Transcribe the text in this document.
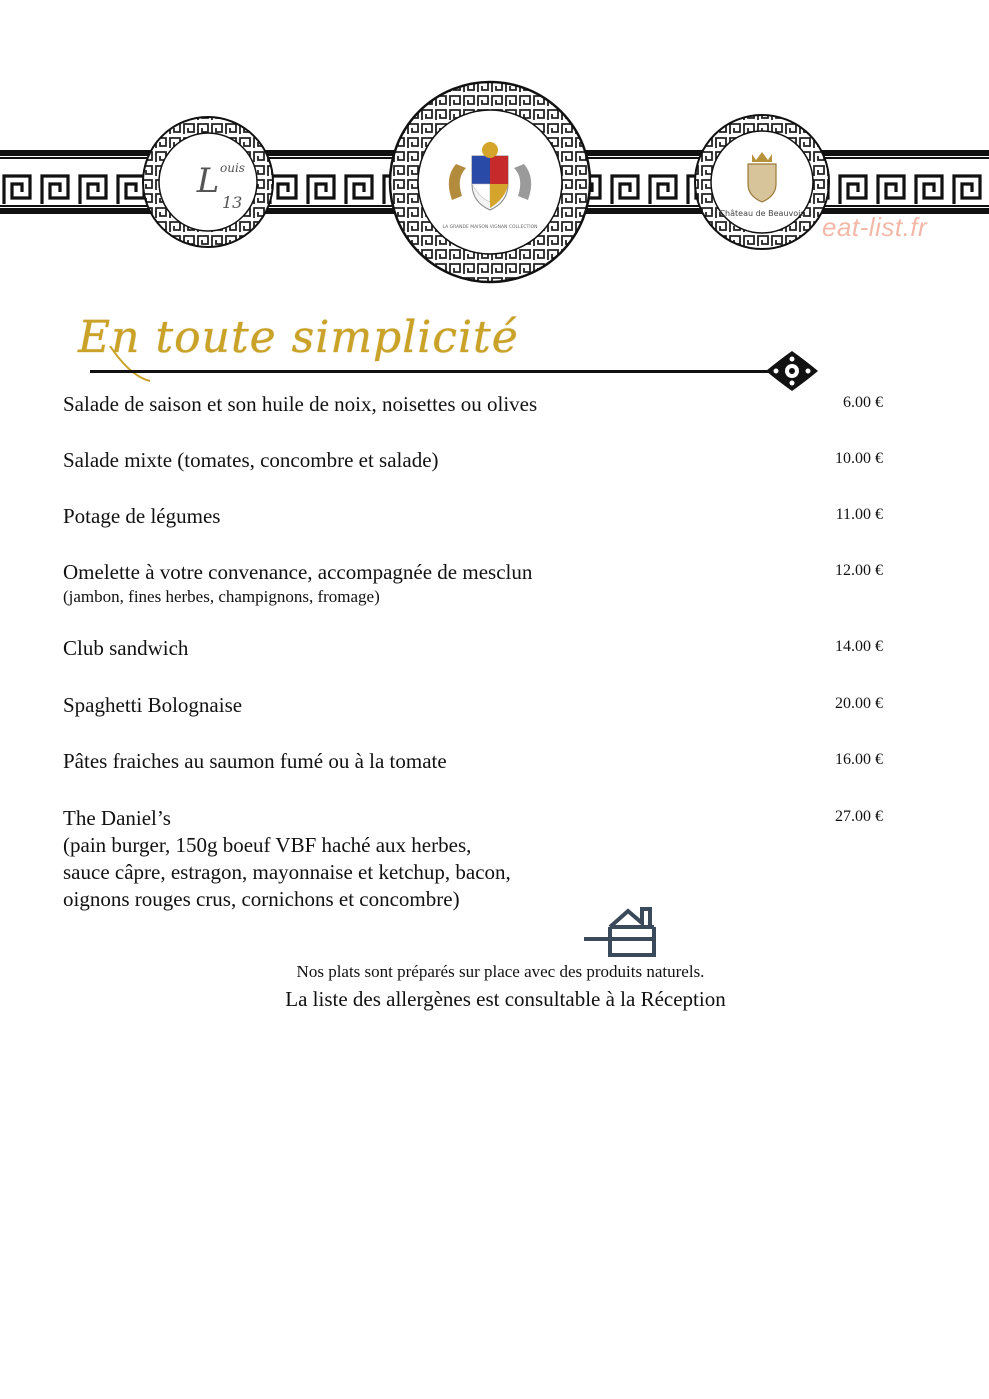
L ouis
13
LA GRANDE MAISON VIGNAN COLLECTION
Château de Beauvois eat-list.fr
En toute simplicité
Salade de saison et son huile de noix, noisettes ou olives	6.00 €
Salade mixte (tomates, concombre et salade)	10.00 €
Potage de légumes	11.00 €
Omelette à votre convenance, accompagnée de mesclun
(jambon, fines herbes, champignons, fromage)
12.00 €
Club sandwich	14.00 €
Spaghetti Bolognaise	20.00 €
Pâtes fraiches au saumon fumé ou à la tomate	16.00 €
The Daniel’s
(pain burger, 150g boeuf VBF haché aux herbes,
sauce câpre, estragon, mayonnaise et ketchup, bacon,
oignons rouges crus, cornichons et concombre)
27.00 €
Nos plats sont préparés sur place avec des produits naturels.
La liste des allergènes est consultable à la Réception
